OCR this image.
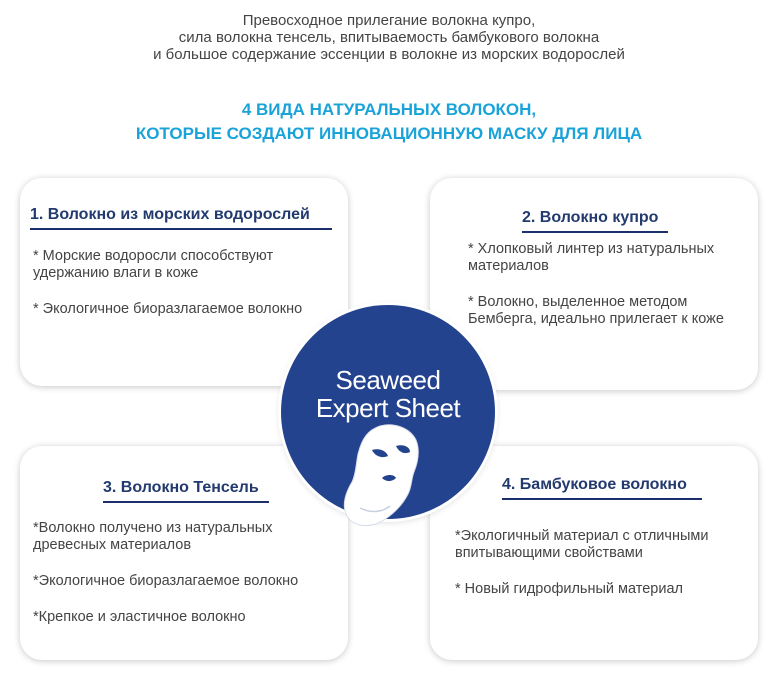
Превосходное прилегание волокна купро,
сила волокна тенсель, впитываемость бамбукового волокна
и большое содержание эссенции в волокне из морских водорослей
4 ВИДА НАТУРАЛЬНЫХ ВОЛОКОН,
КОТОРЫЕ СОЗДАЮТ ИННОВАЦИОННУЮ МАСКУ ДЛЯ ЛИЦА
1. Волокно из морских водорослей

* Морские водоросли способствуют удержанию влаги в коже

* Экологичное биоразлагаемое волокно

2. Волокно купро

* Хлопковый линтер из натуральных материалов

* Волокно, выделенное методом Бемберга, идеально прилегает к коже

3. Волокно Тенсель

*Волокно получено из натуральных древесных материалов

*Экологичное биоразлагаемое волокно

*Крепкое и эластичное волокно

4. Бамбуковое волокно

*Экологичный материал с отличными впитывающими свойствами

* Новый гидрофильный материал

Seaweed
Expert Sheet
